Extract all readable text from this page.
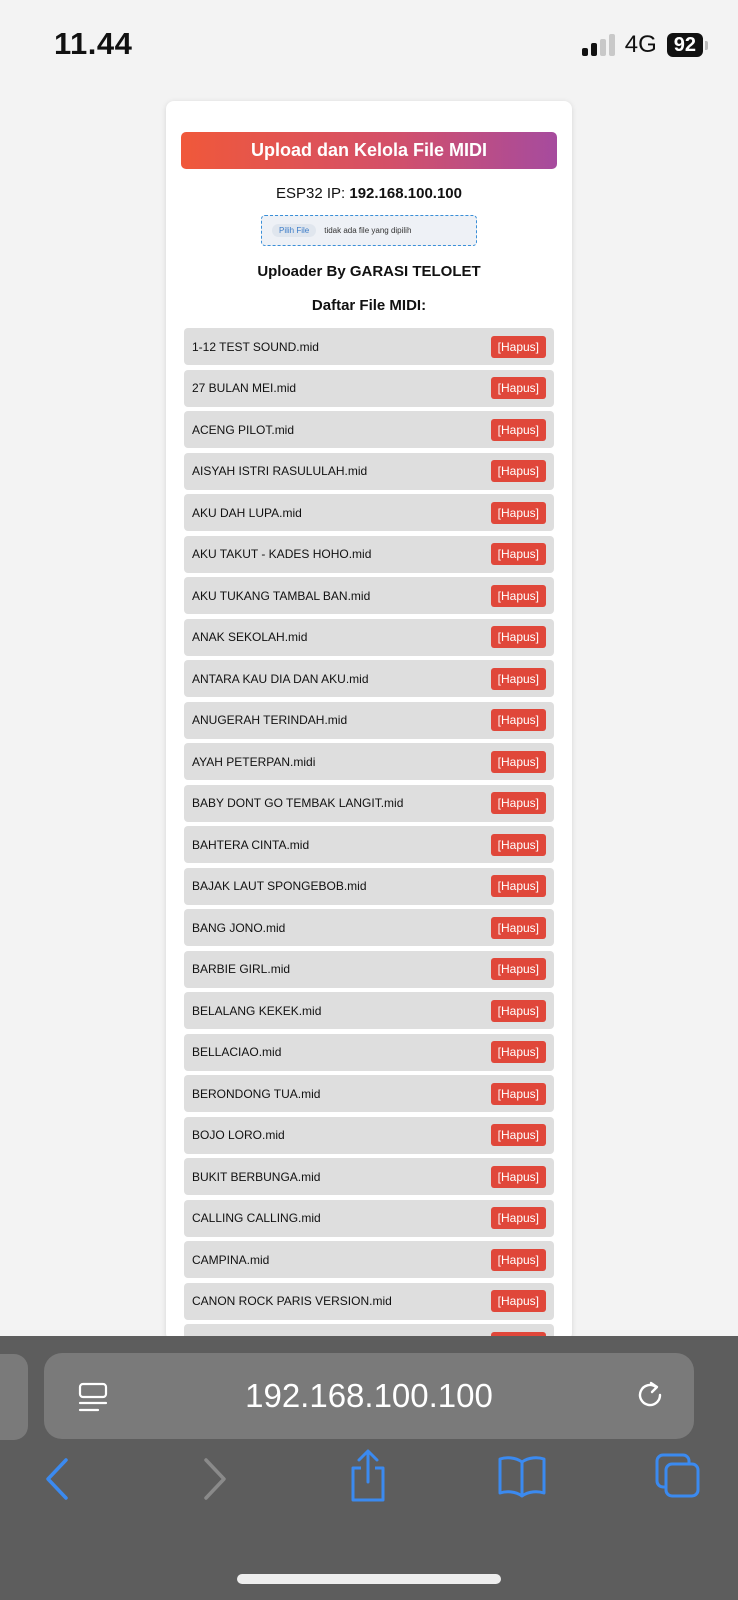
11.44	4G 92
Upload dan Kelola File MIDI
ESP32 IP: 192.168.100.100
Pilih File	tidak ada file yang dipilih
Uploader By GARASI TELOLET
Daftar File MIDI:
1-12 TEST SOUND.mid	[Hapus]
27 BULAN MEI.mid	[Hapus]
ACENG PILOT.mid	[Hapus]
AISYAH ISTRI RASULULAH.mid	[Hapus]
AKU DAH LUPA.mid	[Hapus]
AKU TAKUT - KADES HOHO.mid	[Hapus]
AKU TUKANG TAMBAL BAN.mid	[Hapus]
ANAK SEKOLAH.mid	[Hapus]
ANTARA KAU DIA DAN AKU.mid	[Hapus]
ANUGERAH TERINDAH.mid	[Hapus]
AYAH PETERPAN.midi	[Hapus]
BABY DONT GO TEMBAK LANGIT.mid	[Hapus]
BAHTERA CINTA.mid	[Hapus]
BAJAK LAUT SPONGEBOB.mid	[Hapus]
BANG JONO.mid	[Hapus]
BARBIE GIRL.mid	[Hapus]
BELALANG KEKEK.mid	[Hapus]
BELLACIAO.mid	[Hapus]
BERONDONG TUA.mid	[Hapus]
BOJO LORO.mid	[Hapus]
BUKIT BERBUNGA.mid	[Hapus]
CALLING CALLING.mid	[Hapus]
CAMPINA.mid	[Hapus]
CANON ROCK PARIS VERSION.mid	[Hapus]
192.168.100.100
